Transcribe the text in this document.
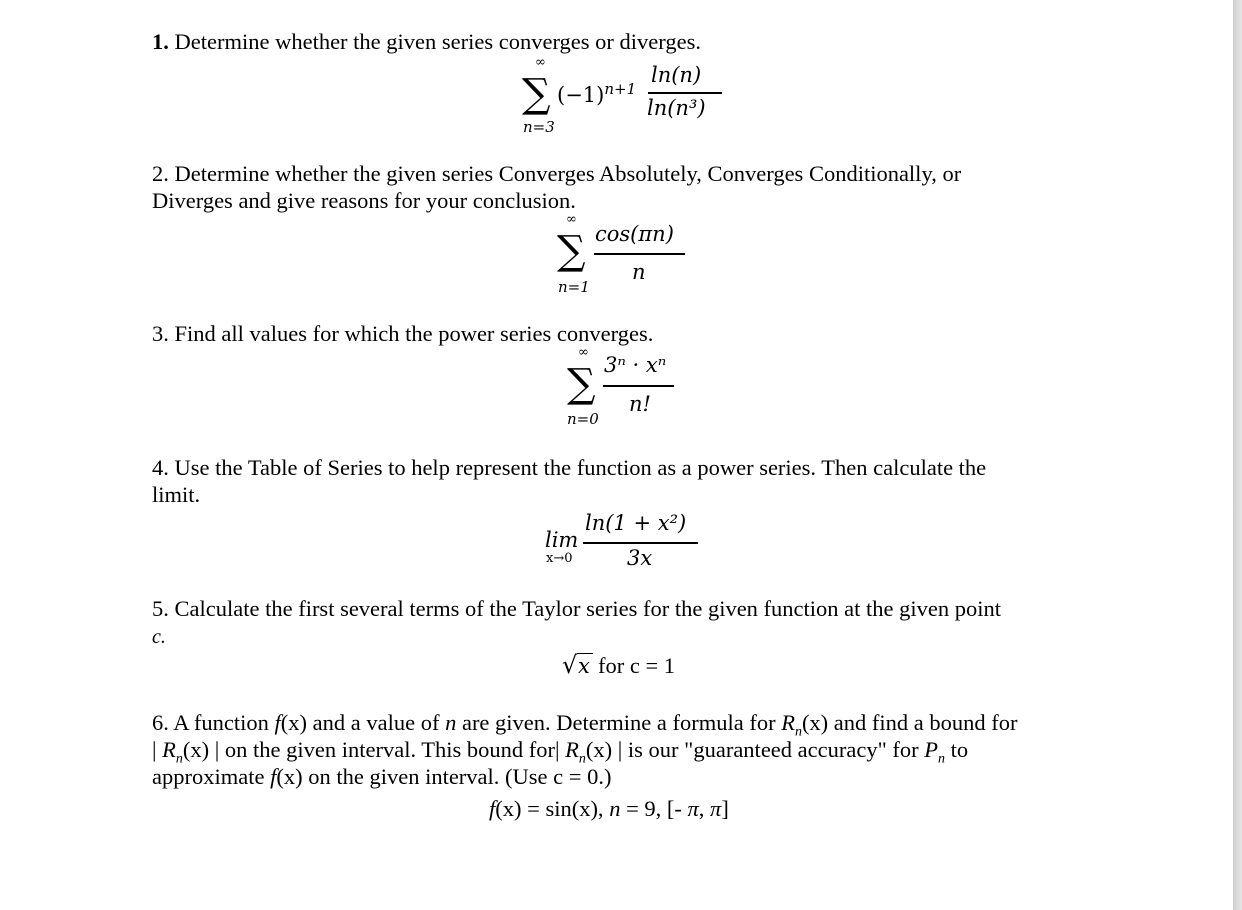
1. Determine whether the given series converges or diverges.
∞
∑ $(-1)^{n+1}$
ln(n)
ln(n³)
n=3
2. Determine whether the given series Converges Absolutely, Converges Conditionally, or
Diverges and give reasons for your conclusion.
∞
∑ cos(πn)
n
n=1
3. Find all values for which the power series converges.
∞
∑ 3ⁿ · xⁿ
n!
n=0
4. Use the Table of Series to help represent the function as a power series. Then calculate the
limit.
lim
x→0
ln(1 + x²)
3x
5. Calculate the first several terms of the Taylor series for the given function at the given point
c.
√ x for c = 1
6. A function f(x) and a value of n are given. Determine a formula for $R_n(x)$ and find a bound for
| $R_n(x)$ | on the given interval. This bound for| $R_n(x)$ | is our "guaranteed accuracy" for $P_n$ to
approximate f(x) on the given interval. (Use c = 0.)
f(x) = sin(x), n = 9, [- π, π]
